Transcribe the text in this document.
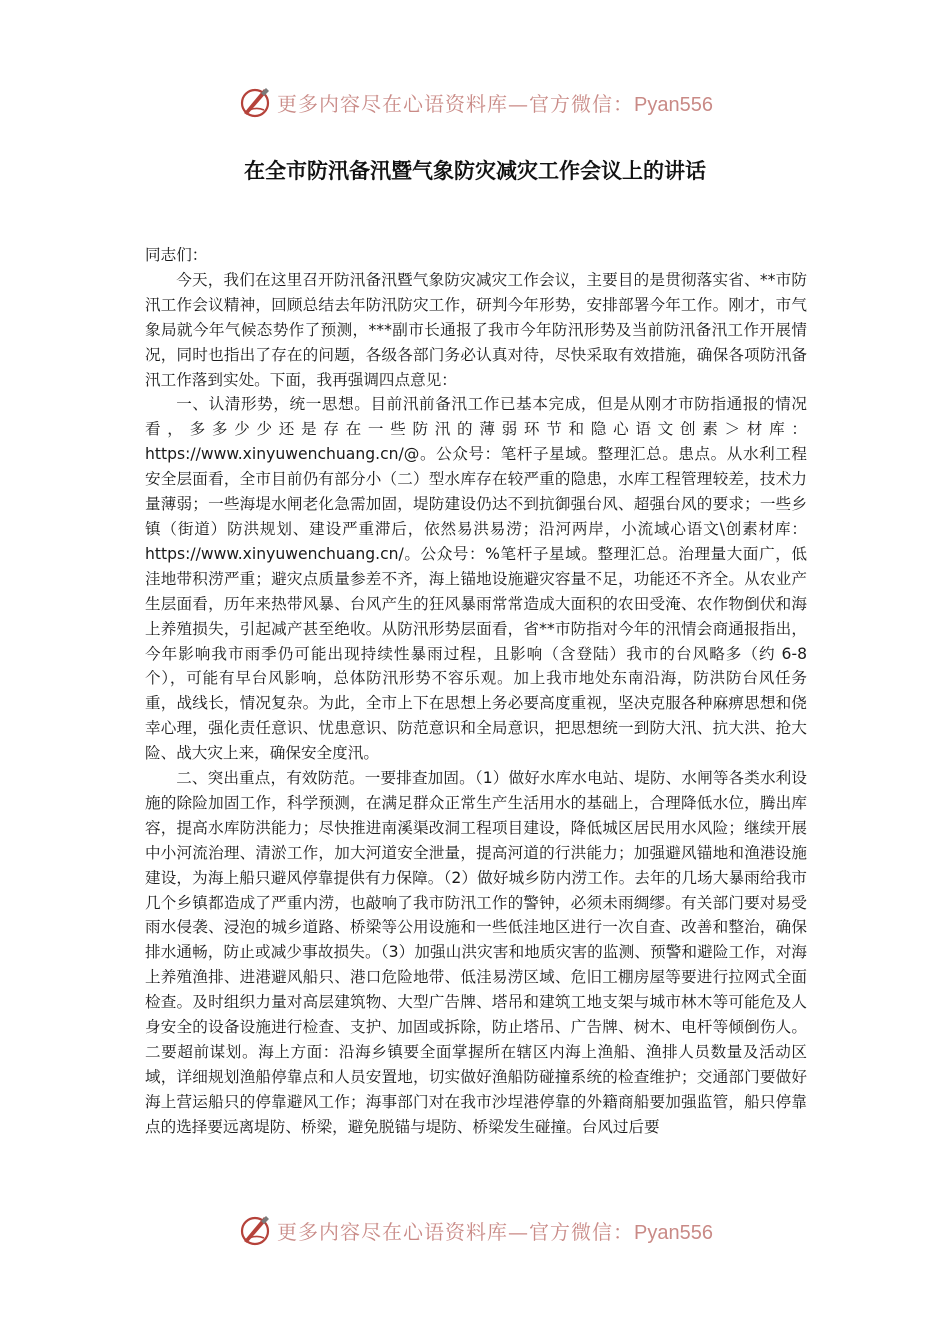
更多内容尽在心语资料库—官方微信：Pyan556
在全市防汛备汛暨气象防灾减灾工作会议上的讲话

同志们：

今天，我们在这里召开防汛备汛暨气象防灾减灾工作会议，主要目的是贯彻落实省、**市防汛工作会议精神，回顾总结去年防汛防灾工作，研判今年形势，安排部署今年工作。刚才，市气象局就今年气候态势作了预测，***副市长通报了我市今年防汛形势及当前防汛备汛工作开展情况，同时也指出了存在的问题，各级各部门务必认真对待，尽快采取有效措施，确保各项防汛备汛工作落到实处。下面，我再强调四点意见：

一、认清形势，统一思想。目前汛前备汛工作已基本完成，但是从刚才市防指通报的情况看，多多少少还是存在一些防汛的薄弱环节和隐心语文创素＞材库：https://www.xinyuwenchuang.cn/@。公众号：笔杆子星域。整理汇总。患点。从水利工程安全层面看，全市目前仍有部分小（二）型水库存在较严重的隐患，水库工程管理较差，技术力量薄弱；一些海堤水闸老化急需加固，堤防建设仍达不到抗御强台风、超强台风的要求；一些乡镇（街道）防洪规划、建设严重滞后，依然易洪易涝；沿河两岸，小流域心语文\创素材库：https://www.xinyuwenchuang.cn/。公众号：%笔杆子星域。整理汇总。治理量大面广，低洼地带积涝严重；避灾点质量参差不齐，海上锚地设施避灾容量不足，功能还不齐全。从农业产生层面看，历年来热带风暴、台风产生的狂风暴雨常常造成大面积的农田受淹、农作物倒伏和海上养殖损失，引起减产甚至绝收。从防汛形势层面看，省**市防指对今年的汛情会商通报指出，今年影响我市雨季仍可能出现持续性暴雨过程，且影响（含登陆）我市的台风略多（约 6-8 个），可能有早台风影响，总体防汛形势不容乐观。加上我市地处东南沿海，防洪防台风任务重，战线长，情况复杂。为此，全市上下在思想上务必要高度重视，坚决克服各种麻痹思想和侥幸心理，强化责任意识、忧患意识、防范意识和全局意识，把思想统一到防大汛、抗大洪、抢大险、战大灾上来，确保安全度汛。

二、突出重点，有效防范。一要排查加固。（1）做好水库水电站、堤防、水闸等各类水利设施的除险加固工作，科学预测，在满足群众正常生产生活用水的基础上，合理降低水位，腾出库容，提高水库防洪能力；尽快推进南溪渠改洞工程项目建设，降低城区居民用水风险；继续开展中小河流治理、清淤工作，加大河道安全泄量，提高河道的行洪能力；加强避风锚地和渔港设施建设，为海上船只避风停靠提供有力保障。（2）做好城乡防内涝工作。去年的几场大暴雨给我市几个乡镇都造成了严重内涝，也敲响了我市防汛工作的警钟，必须未雨绸缪。有关部门要对易受雨水侵袭、浸泡的城乡道路、桥梁等公用设施和一些低洼地区进行一次自查、改善和整治，确保排水通畅，防止或减少事故损失。（3）加强山洪灾害和地质灾害的监测、预警和避险工作，对海上养殖渔排、进港避风船只、港口危险地带、低洼易涝区域、危旧工棚房屋等要进行拉网式全面检查。及时组织力量对高层建筑物、大型广告牌、塔吊和建筑工地支架与城市林木等可能危及人身安全的设备设施进行检查、支护、加固或拆除，防止塔吊、广告牌、树木、电杆等倾倒伤人。二要超前谋划。海上方面：沿海乡镇要全面掌握所在辖区内海上渔船、渔排人员数量及活动区域，详细规划渔船停靠点和人员安置地，切实做好渔船防碰撞系统的检查维护；交通部门要做好海上营运船只的停靠避风工作；海事部门对在我市沙埕港停靠的外籍商船要加强监管，船只停靠点的选择要远离堤防、桥梁，避免脱锚与堤防、桥梁发生碰撞。台风过后要

更多内容尽在心语资料库—官方微信：Pyan556
